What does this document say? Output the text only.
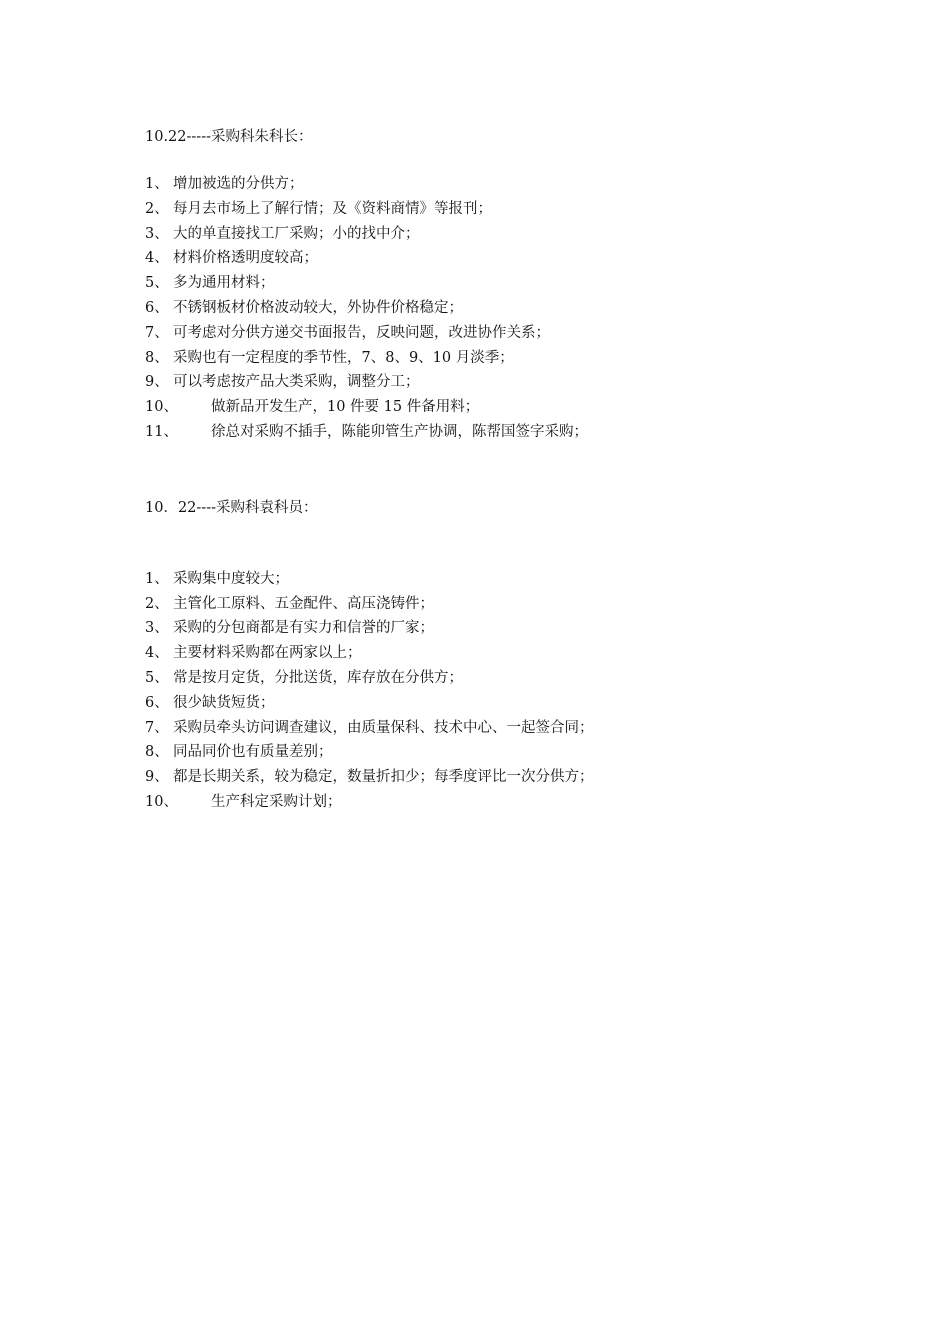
10.22-----采购科朱科长：
1、 增加被选的分供方；
2、 每月去市场上了解行情；及《资料商情》等报刊；
3、 大的单直接找工厂采购；小的找中介；
4、 材料价格透明度较高；
5、 多为通用材料；
6、 不锈钢板材价格波动较大，外协件价格稳定；
7、 可考虑对分供方递交书面报告，反映问题，改进协作关系；
8、 采购也有一定程度的季节性，7、8、9、10 月淡季；
9、 可以考虑按产品大类采购，调整分工；
10、	做新品开发生产，10 件要 15 件备用料；
11、	徐总对采购不插手，陈能卯管生产协调，陈帮国签字采购；
10．22----采购科袁科员：
1、 采购集中度较大；
2、 主管化工原料、五金配件、高压浇铸件；
3、 采购的分包商都是有实力和信誉的厂家；
4、 主要材料采购都在两家以上；
5、 常是按月定货，分批送货，库存放在分供方；
6、 很少缺货短货；
7、 采购员牵头访问调查建议，由质量保科、技术中心、一起签合同；
8、 同品同价也有质量差别；
9、 都是长期关系，较为稳定，数量折扣少；每季度评比一次分供方；
10、	生产科定采购计划；
